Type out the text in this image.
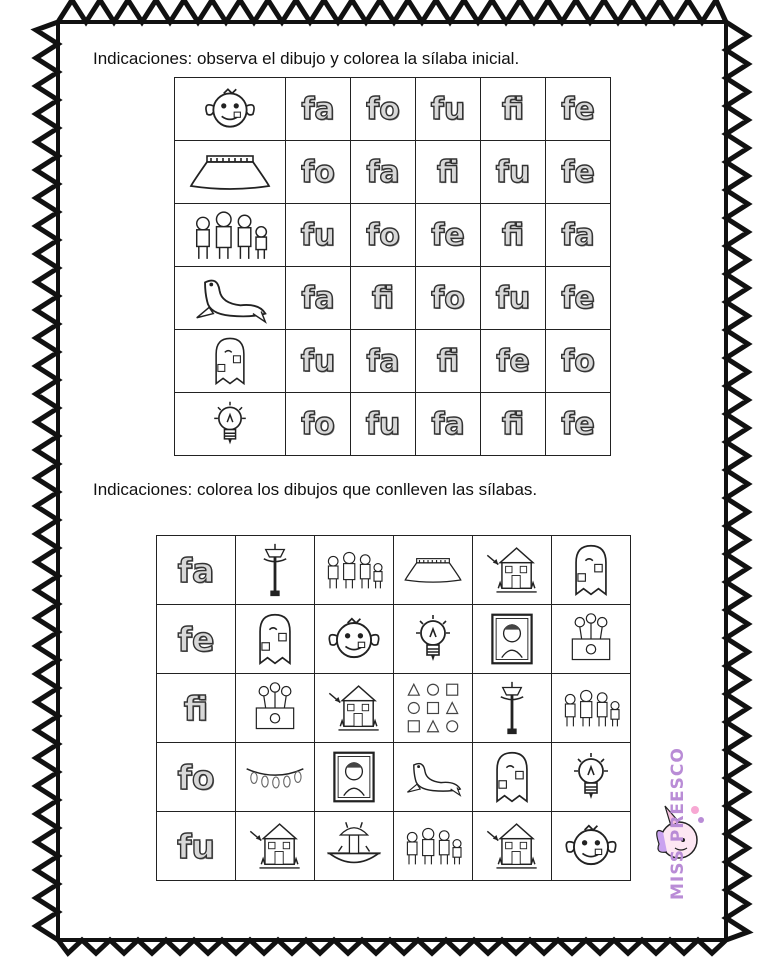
Indicaciones: observa el dibujo y colorea la sílaba inicial.
	fa	fo	fu	fi	fe

	fo	fa	fi	fu	fe

	fu	fo	fe	fi	fa

	fa	fi	fo	fu	fe

	fu	fa	fi	fe	fo

	fo	fu	fa	fi	fe
Indicaciones: colorea los dibujos que conlleven las sílabas.
fa	

fe	

fi	

fo	

fu	

		MISS PREESCO
